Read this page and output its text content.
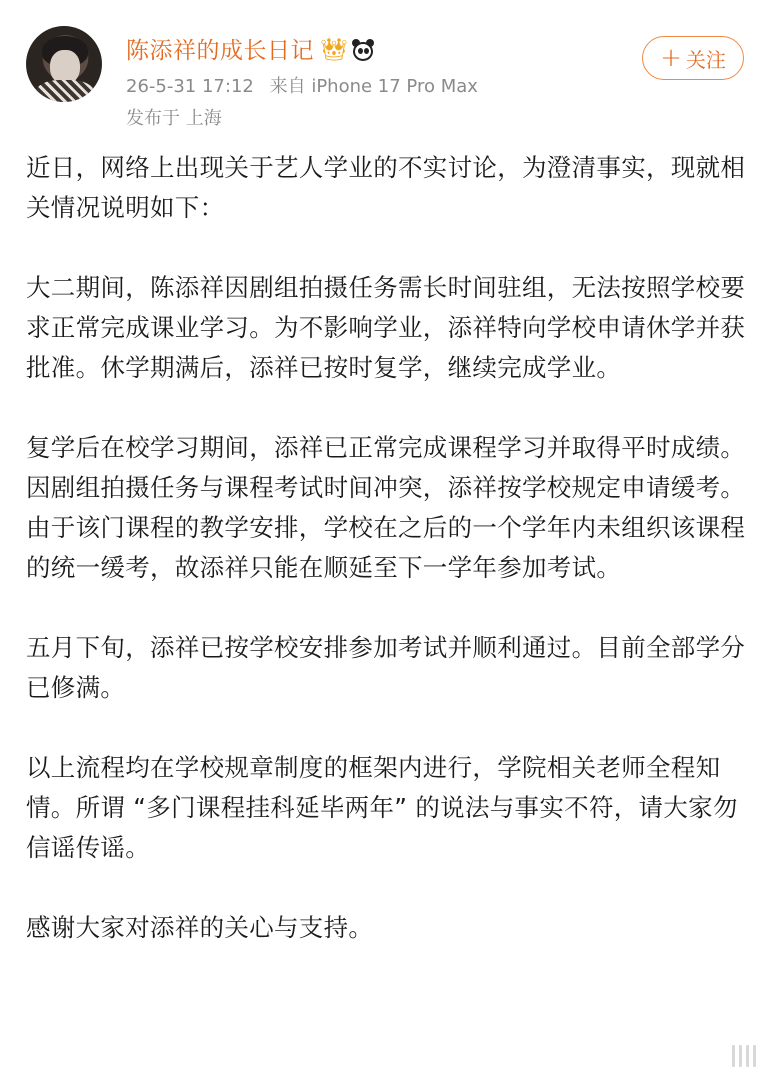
陈添祥的成长日记 👑︎
26-5-31 17:12 来自 iPhone 17 Pro Max
发布于 上海
+ 关注

近日，网络上出现关于艺人学业的不实讨论，为澄清事实，现就相关情况说明如下：

大二期间，陈添祥因剧组拍摄任务需长时间驻组，无法按照学校要求正常完成课业学习。为不影响学业，添祥特向学校申请休学并获批准。休学期满后，添祥已按时复学，继续完成学业。

复学后在校学习期间，添祥已正常完成课程学习并取得平时成绩。因剧组拍摄任务与课程考试时间冲突，添祥按学校规定申请缓考。由于该门课程的教学安排，学校在之后的一个学年内未组织该课程的统一缓考，故添祥只能在顺延至下一学年参加考试。

五月下旬，添祥已按学校安排参加考试并顺利通过。目前全部学分已修满。

以上流程均在学校规章制度的框架内进行，学院相关老师全程知情。所谓 “多门课程挂科延毕两年” 的说法与事实不符，请大家勿信谣传谣。

感谢大家对添祥的关心与支持。
